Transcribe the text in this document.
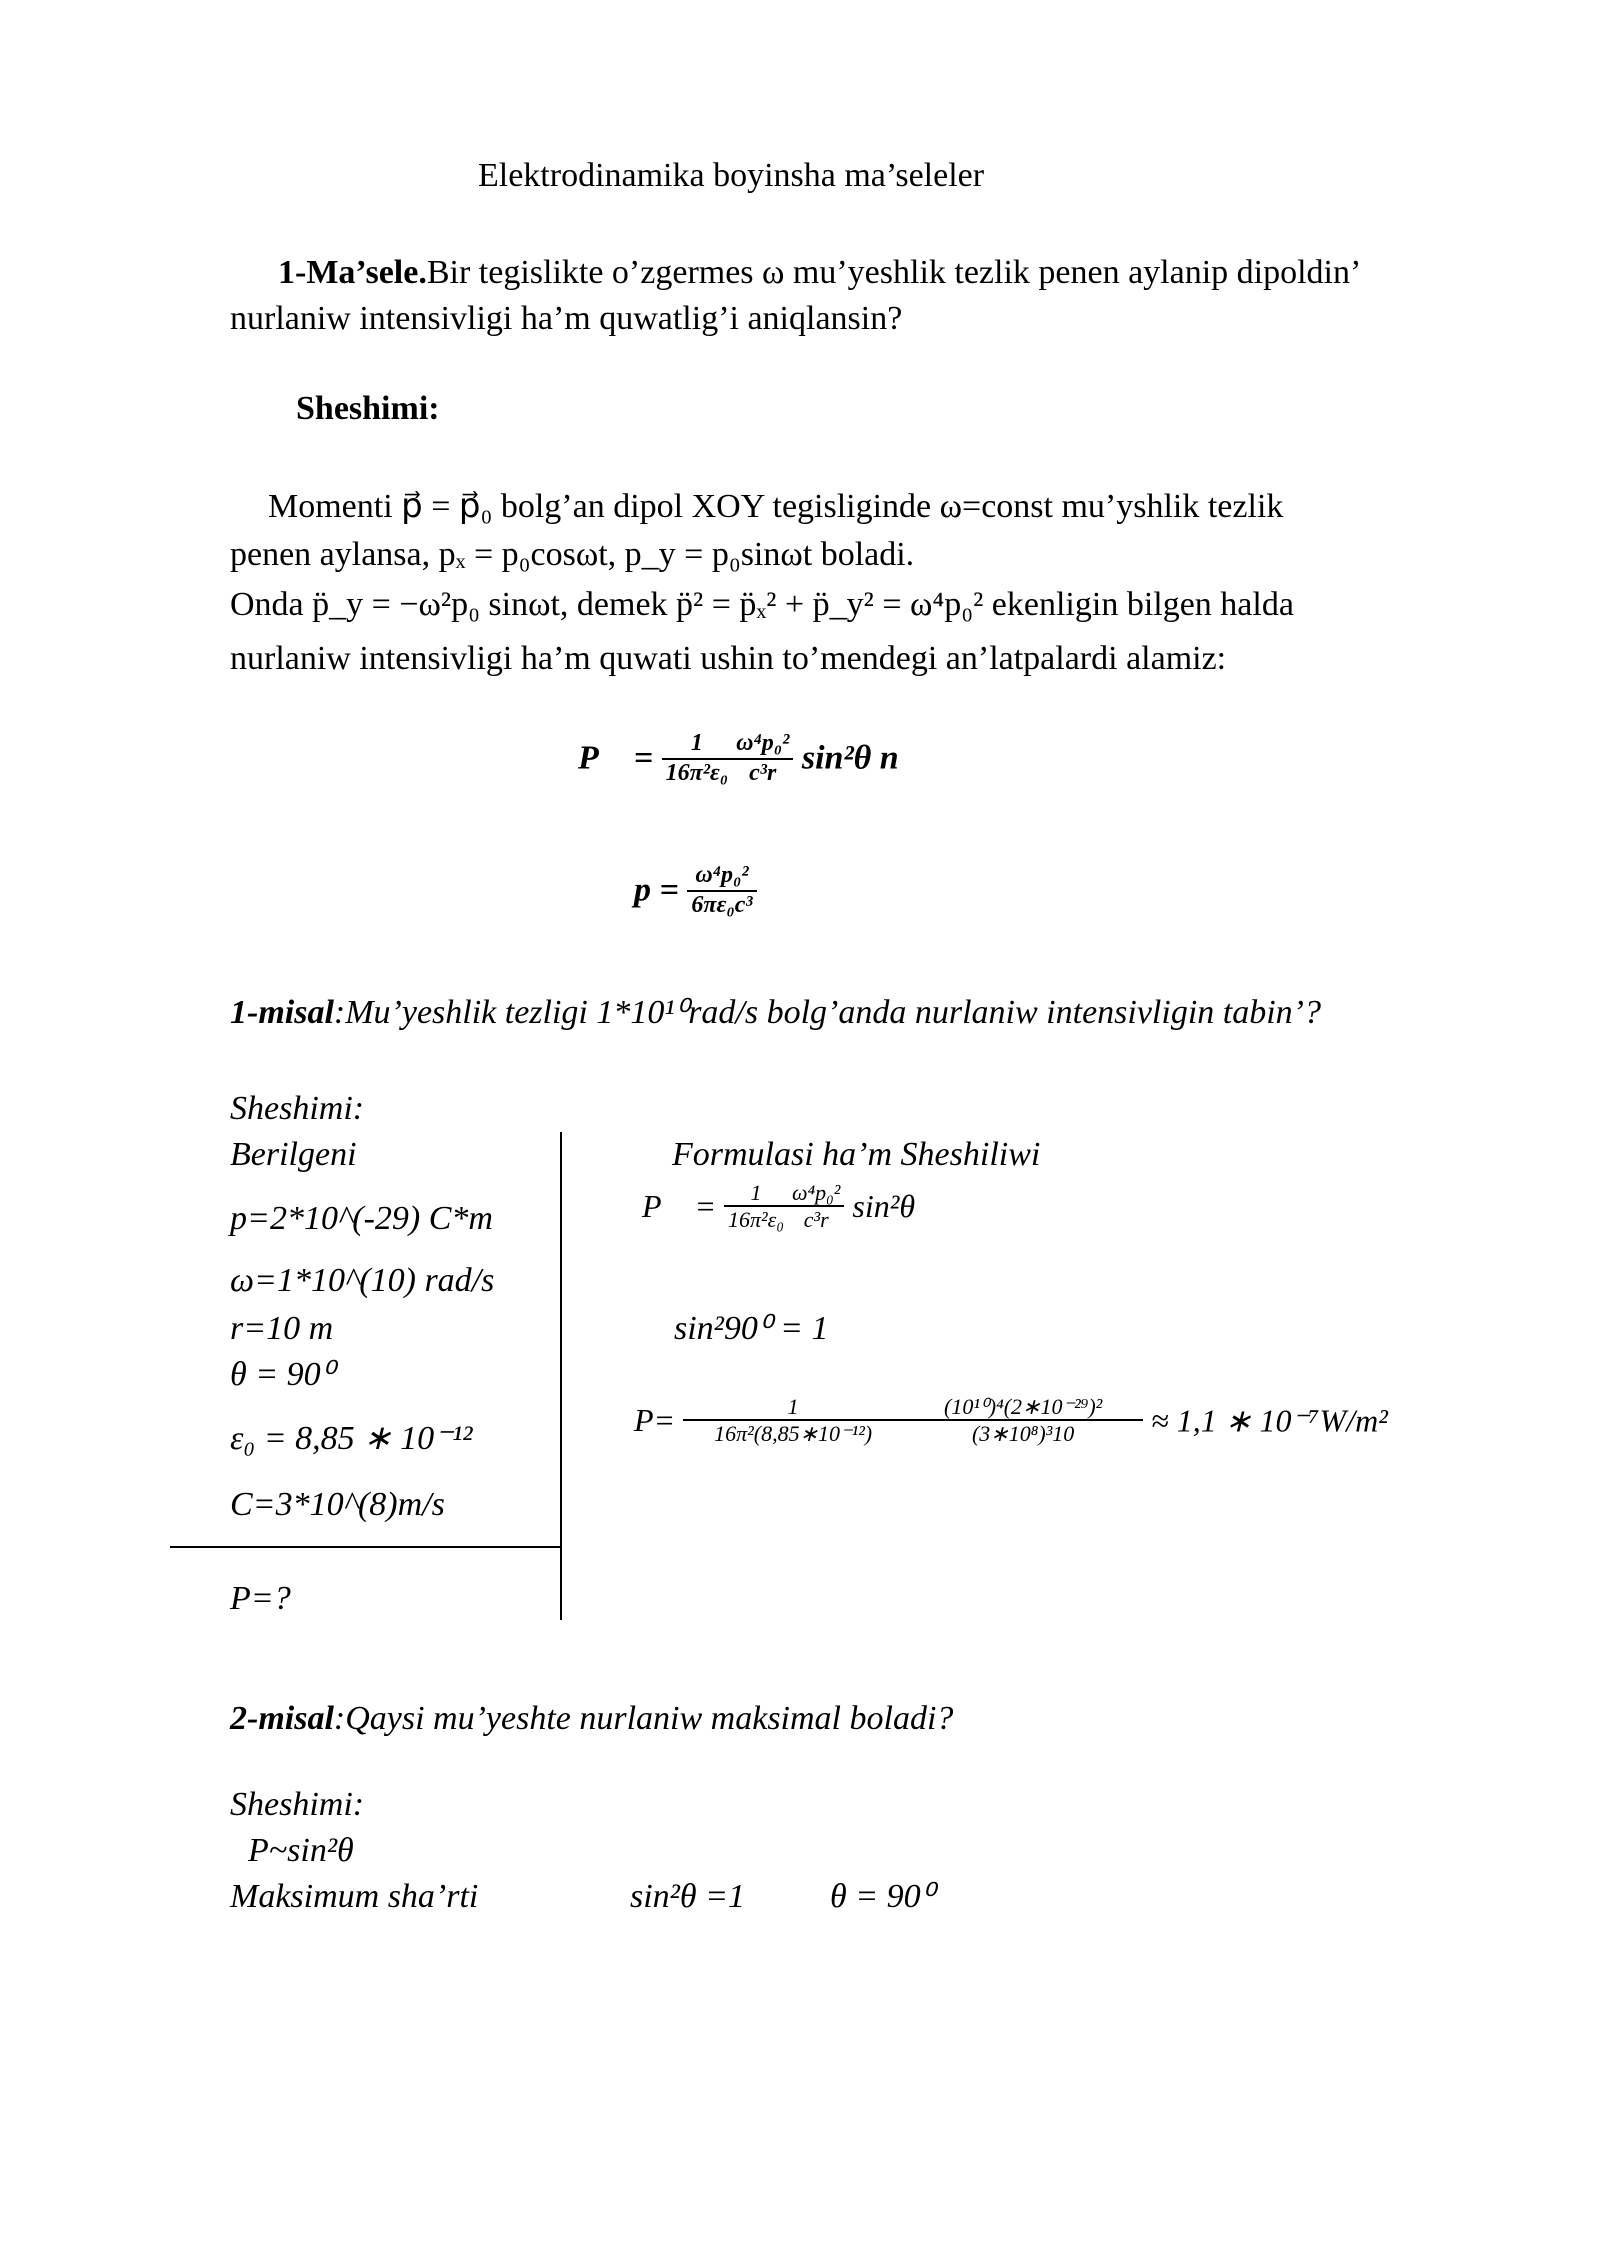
Elektrodinamika boyinsha ma’seleler
1-Ma’sele.Bir tegislikte o’zgermes ω mu’yeshlik tezlik penen aylanip dipoldin’
nurlaniw intensivligi ha’m quwatlig’i aniqlansin?
Sheshimi:
Momenti p⃗ = p⃗₀ bolg’an dipol XOY tegisliginde ω=const mu’yshlik tezlik
penen aylansa, pₓ = p₀cosωt, p_y = p₀sinωt boladi.
Onda p̈_y = −ω²p₀ sinωt, demek p̈² = p̈ₓ² + p̈_y² = ω⁴p₀² ekenligin bilgen halda
nurlaniw intensivligi ha’m quwati ushin to’mendegi an’latpalardi alamiz:
P⃗ = $\frac{1}{\text{16π²ε₀}} \frac{\text{ω⁴p₀²}}{\text{c³r}} \sin^2\theta$ n⃗
$p = \frac{\text{ω⁴p₀²}}{\text{6πε₀c³}}$
1-misal:Mu’yeshlik tezligi 1*10¹⁰rad/s bolg’anda nurlaniw intensivligin tabin’?
Sheshimi:
Berilgeni
p=2*10^(-29) C*m
ω=1*10^(10) rad/s
r=10 m
θ = 90⁰
ε₀ = 8,85 ∗ 10⁻¹²
C=3*10^(8)m/s
P=?
Formulasi ha’m Sheshiliwi
P⃗ = $\frac{1}{\text{16π²ε₀}} \frac{\text{ω⁴p₀²}}{\text{c³r}} \sin^2\theta$
sin²90⁰ = 1
$P= \frac{1}{\text{16π²(8,85∗10⁻¹²)}} \frac{\text{(10¹⁰)⁴(2∗10⁻²⁹)²}}{\text{(3∗10⁸)³10}} \approx 1,1$ ∗ 10⁻⁷W/m²
2-misal:Qaysi mu’yeshte nurlaniw maksimal boladi?
Sheshimi:
P~sin²θ
Maksimum sha’rti	sin²θ =1 θ = 90⁰
